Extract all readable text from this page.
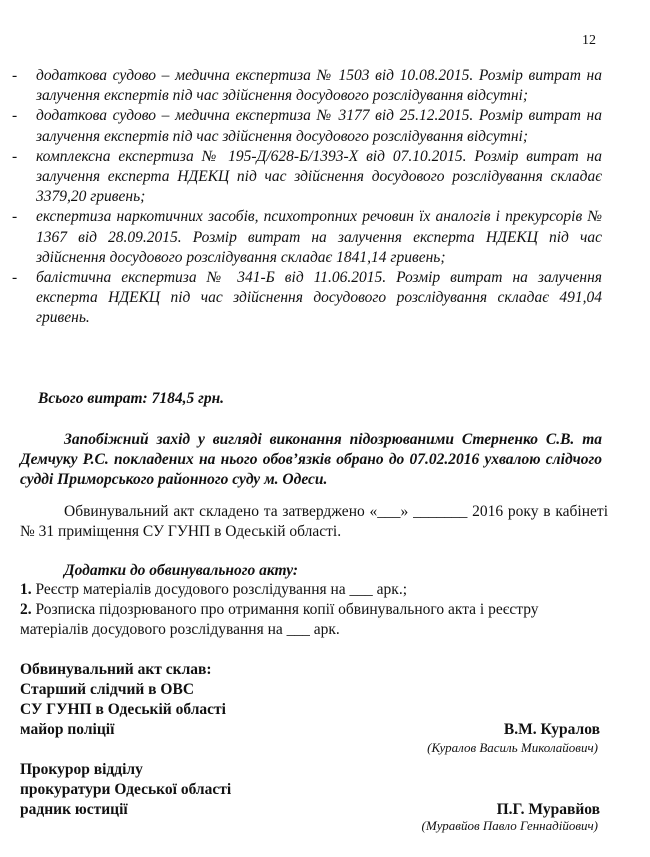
12
- додаткова судово – медична експертиза № 1503 від 10.08.2015. Розмір витрат на залучення експертів під час здійснення досудового розслідування відсутні;
- додаткова судово – медична експертиза № 3177 від 25.12.2015. Розмір витрат на залучення експертів під час здійснення досудового розслідування відсутні;
- комплексна експертиза № 195-Д/628-Б/1393-Х від 07.10.2015. Розмір витрат на залучення експерта НДЕКЦ під час здійснення досудового розслідування складає 3379,20 гривень;
- експертиза наркотичних засобів, психотропних речовин їх аналогів і прекурсорів № 1367 від 28.09.2015. Розмір витрат на залучення експерта НДЕКЦ під час здійснення досудового розслідування складає 1841,14 гривень;
- балістична експертиза № 341-Б від 11.06.2015. Розмір витрат на залучення експерта НДЕКЦ під час здійснення досудового розслідування складає 491,04 гривень.
Всього витрат: 7184,5 грн.

Запобіжний захід у вигляді виконання підозрюваними Стерненко С.В. та Демчуку Р.С. покладених на нього обов’язків обрано до 07.02.2016 ухвалою слідчого судді Приморського районного суду м. Одеси.

Обвинувальний акт складено та затверджено «___» _______ 2016 року в кабінеті № 31 приміщення СУ ГУНП в Одеській області.

Додатки до обвинувального акту:

1. Реєстр матеріалів досудового розслідування на ___ арк.;

2. Розписка підозрюваного про отримання копії обвинувального акта і реєстру матеріалів досудового розслідування на ___ арк.

Обвинувальний акт склав:
Старший слідчий в ОВС
СУ ГУНП в Одеській області
майор поліції	В.М. Куралов
(Куралов Василь Миколайович)
Прокурор відділу
прокуратури Одеської області
радник юстиції	П.Г. Муравйов
(Муравйов Павло Геннадійович)
